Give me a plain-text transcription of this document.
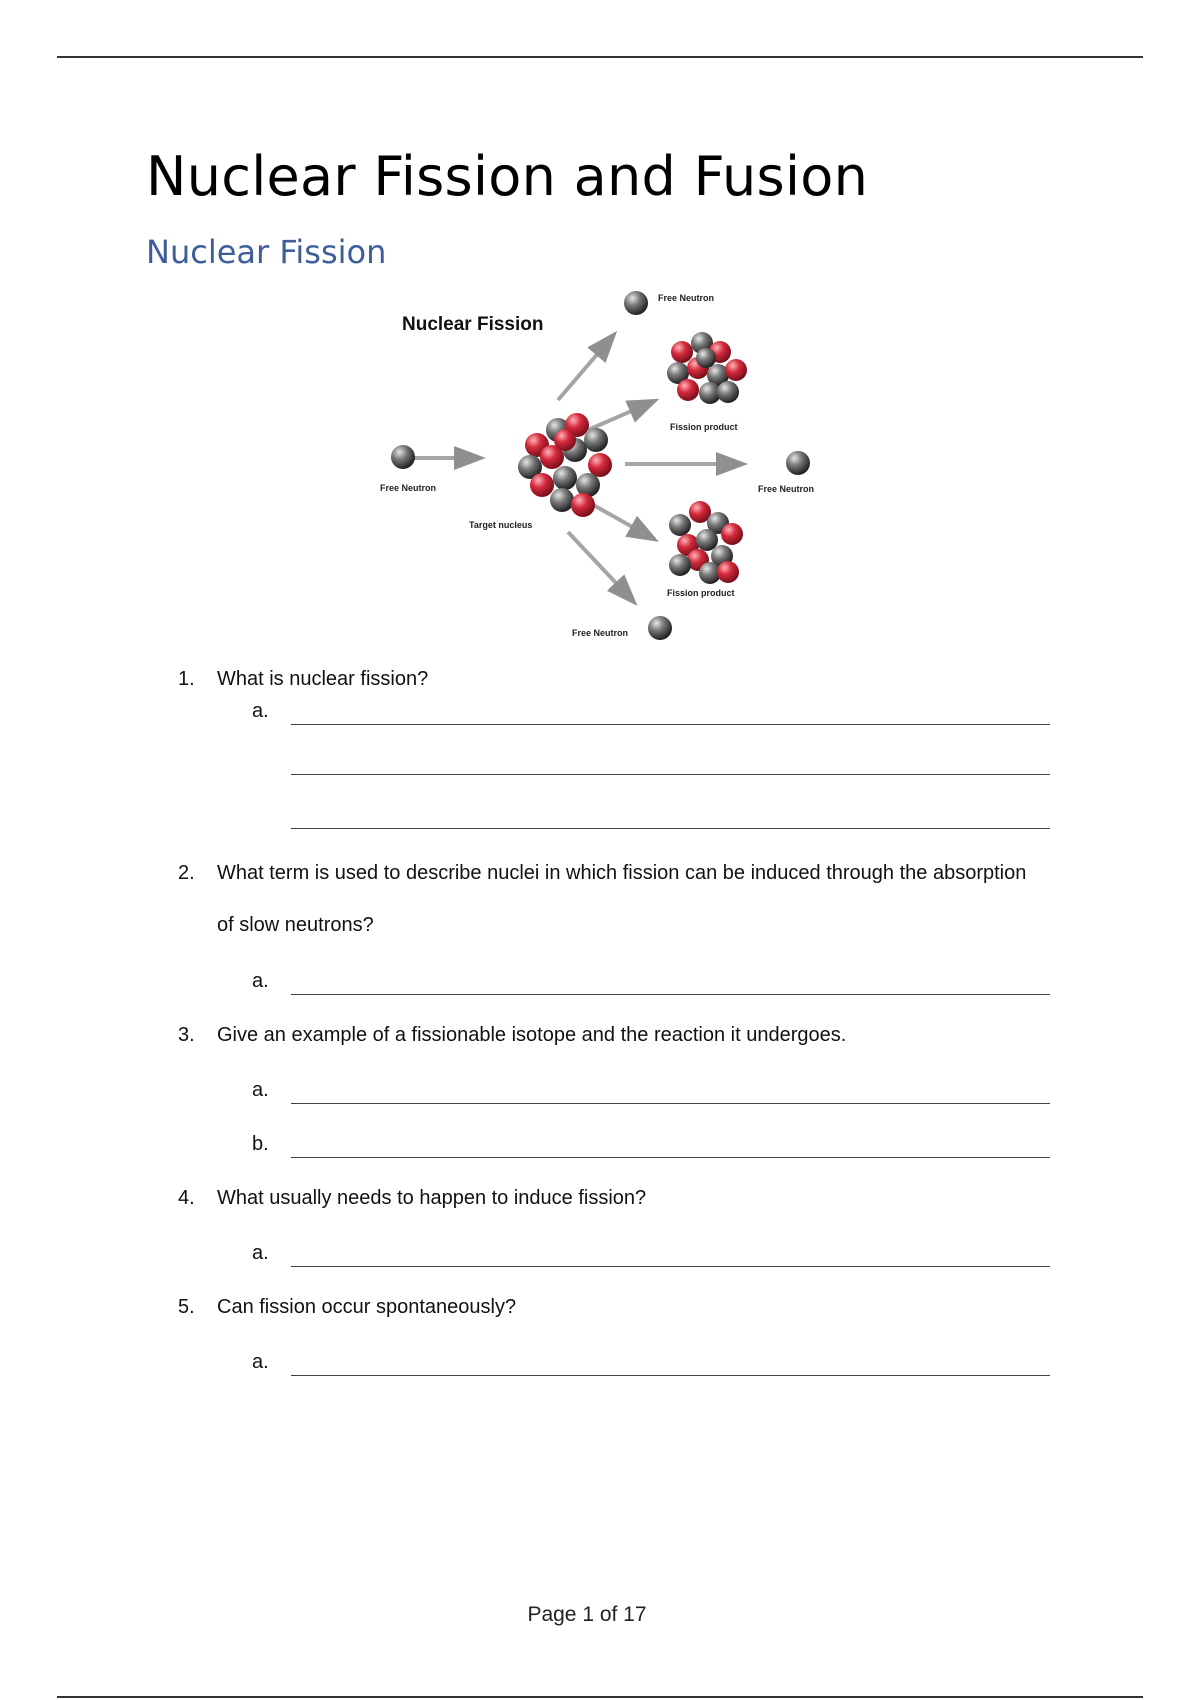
Nuclear Fission and Fusion
Nuclear Fission
Nuclear Fission
Free Neutron
Fission product
Free Neutron	Free Neutron
Target nucleus
Fission product
Free Neutron
1.	What is nuclear fission?
a.
2.	What term is used to describe nuclei in which fission can be induced through the absorption
of slow neutrons?
a.
3.	Give an example of a fissionable isotope and the reaction it undergoes.
a.
b.
4.	What usually needs to happen to induce fission?
a.
5.	Can fission occur spontaneously?
a.
Page 1 of 17
